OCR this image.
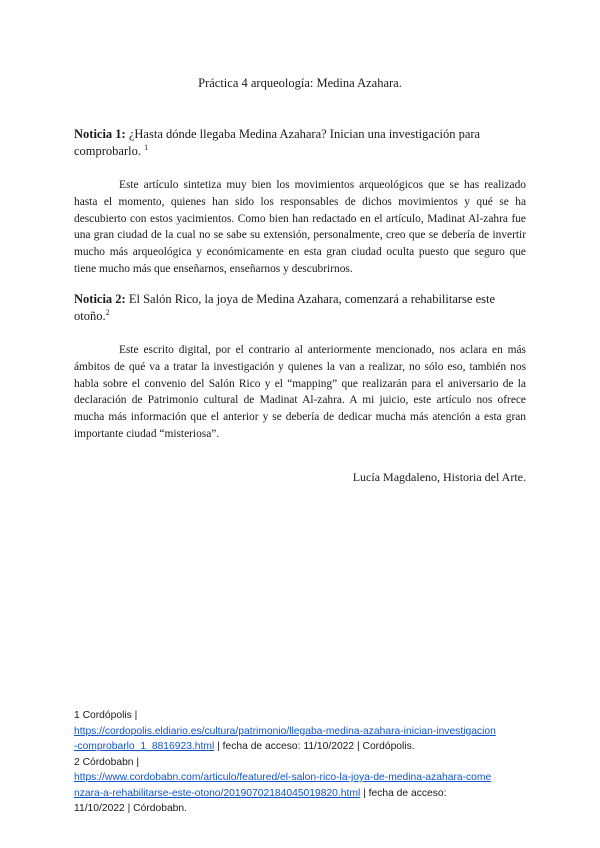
Práctica 4 arqueología: Medina Azahara.
Noticia 1: ¿Hasta dónde llegaba Medina Azahara? Inician una investigación para comprobarlo. $^1$
Este artículo sintetiza muy bien los movimientos arqueológicos que se has realizado hasta el momento, quienes han sido los responsables de dichos movimientos y qué se ha descubierto con estos yacimientos. Como bien han redactado en el artículo, Madinat Al-zahra fue una gran ciudad de la cual no se sabe su extensión, personalmente, creo que se debería de invertir mucho más arqueológica y económicamente en esta gran ciudad oculta puesto que seguro que tiene mucho más que enseñarnos, enseñarnos y descubrirnos.
Noticia 2: El Salón Rico, la joya de Medina Azahara, comenzará a rehabilitarse este otoño.$^2$
Este escrito digital, por el contrario al anteriormente mencionado, nos aclara en más ámbitos de qué va a tratar la investigación y quienes la van a realizar, no sólo eso, también nos habla sobre el convenio del Salón Rico y el “mapping” que realizarán para el aniversario de la declaración de Patrimonio cultural de Madinat Al-zahra. A mi juicio, este artículo nos ofrece mucha más información que el anterior y se debería de dedicar mucha más atención a esta gran importante ciudad “misteriosa”.
Lucía Magdaleno, Historia del Arte.
1 Cordópolis |
https://cordopolis.eldiario.es/cultura/patrimonio/llegaba-medina-azahara-inician-investigacion
-comprobarlo_1_8816923.html | fecha de acceso: 11/10/2022 | Cordópolis.
2 Córdobabn |
https://www.cordobabn.com/articulo/featured/el-salon-rico-la-joya-de-medina-azahara-come
nzara-a-rehabilitarse-este-otono/20190702184045019820.html | fecha de acceso:
11/10/2022 | Córdobabn.
